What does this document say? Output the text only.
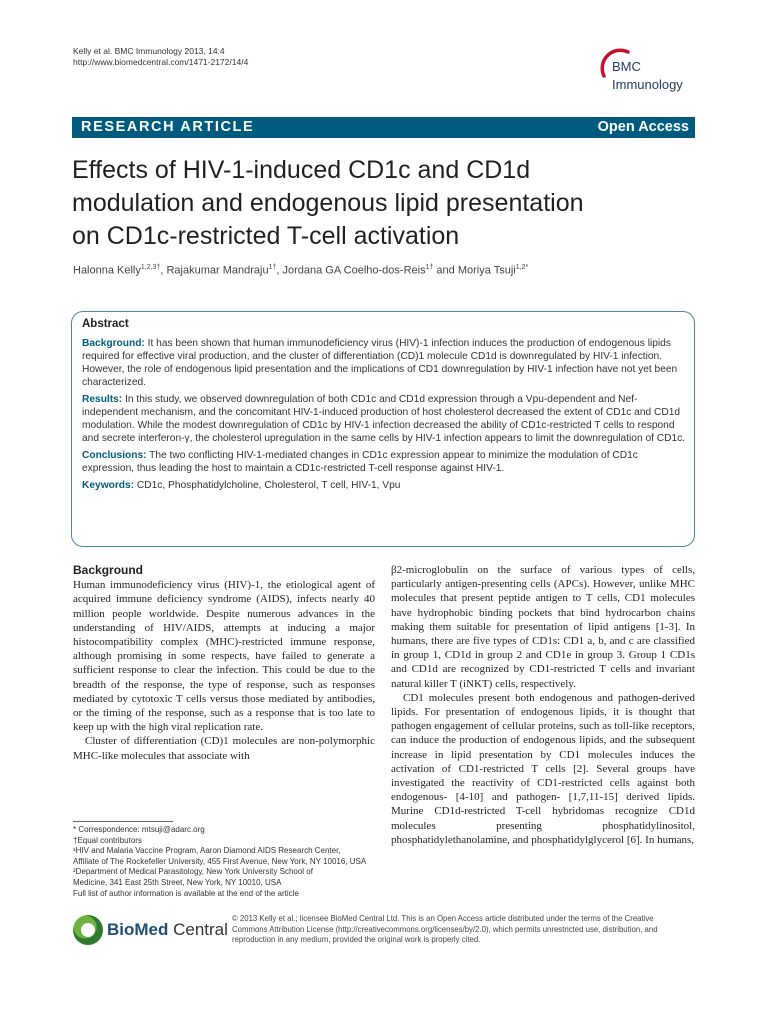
Kelly et al. BMC Immunology 2013, 14:4
http://www.biomedcentral.com/1471-2172/14/4	BMC
Immunology
RESEARCH ARTICLE	Open Access
Effects of HIV-1-induced CD1c and CD1d
modulation and endogenous lipid presentation
on CD1c-restricted T-cell activation
Halonna Kelly$^{1,2,3\dagger}$, Rajakumar Mandraju$^{1\dagger}$, Jordana GA Coelho-dos-Reis$^{1\dagger}$ and Moriya Tsuji$^{1,2*}$
Abstract

Background: It has been shown that human immunodeficiency virus (HIV)-1 infection induces the production of endogenous lipids required for effective viral production, and the cluster of differentiation (CD)1 molecule CD1d is downregulated by HIV-1 infection. However, the role of endogenous lipid presentation and the implications of CD1 downregulation by HIV-1 infection have not yet been characterized.

Results: In this study, we observed downregulation of both CD1c and CD1d expression through a Vpu-dependent and Nef-independent mechanism, and the concomitant HIV-1-induced production of host cholesterol decreased the extent of CD1c and CD1d modulation. While the modest downregulation of CD1c by HIV-1 infection decreased the ability of CD1c-restricted T cells to respond and secrete interferon-γ, the cholesterol upregulation in the same cells by HIV-1 infection appears to limit the downregulation of CD1c.

Conclusions: The two conflicting HIV-1-mediated changes in CD1c expression appear to minimize the modulation of CD1c expression, thus leading the host to maintain a CD1c-restricted T-cell response against HIV-1.

Keywords: CD1c, Phosphatidylcholine, Cholesterol, T cell, HIV-1, Vpu

Background

Human immunodeficiency virus (HIV)-1, the etiological agent of acquired immune deficiency syndrome (AIDS), infects nearly 40 million people worldwide. Despite numerous advances in the understanding of HIV/AIDS, attempts at inducing a major histocompatibility complex (MHC)-restricted immune response, although promising in some respects, have failed to generate a sufficient response to clear the infection. This could be due to the breadth of the response, the type of response, such as responses mediated by cytotoxic T cells versus those mediated by antibodies, or the timing of the response, such as a response that is too late to keep up with the high viral replication rate.

Cluster of differentiation (CD)1 molecules are non-polymorphic MHC-like molecules that associate with

β2-microglobulin on the surface of various types of cells, particularly antigen-presenting cells (APCs). However, unlike MHC molecules that present peptide antigen to T cells, CD1 molecules have hydrophobic binding pockets that bind hydrocarbon chains making them suitable for presentation of lipid antigens [1-3]. In humans, there are five types of CD1s: CD1 a, b, and c are classified in group 1, CD1d in group 2 and CD1e in group 3. Group 1 CD1s and CD1d are recognized by CD1-restricted T cells and invariant natural killer T (iNKT) cells, respectively.

CD1 molecules present both endogenous and pathogen-derived lipids. For presentation of endogenous lipids, it is thought that pathogen engagement of cellular proteins, such as toll-like receptors, can induce the production of endogenous lipids, and the subsequent increase in lipid presentation by CD1 molecules induces the activation of CD1-restricted T cells [2]. Several groups have investigated the reactivity of CD1-restricted cells against both endogenous- [4-10] and pathogen- [1,7,11-15] derived lipids. Murine CD1d-restricted T-cell hybridomas recognize CD1d molecules presenting phosphatidylinositol, phosphatidylethanolamine, and phosphatidylglycerol [6]. In humans,

* Correspondence: mtsuji@adarc.org
†Equal contributors
¹HIV and Malaria Vaccine Program, Aaron Diamond AIDS Research Center,
Affiliate of The Rockefeller University, 455 First Avenue, New York, NY 10016, USA
²Department of Medical Parasitology, New York University School of
Medicine, 341 East 25th Street, New York, NY 10010, USA
Full list of author information is available at the end of the article
BioMed Central
© 2013 Kelly et al.; licensee BioMed Central Ltd. This is an Open Access article distributed under the terms of the Creative
Commons Attribution License (http://creativecommons.org/licenses/by/2.0), which permits unrestricted use, distribution, and
reproduction in any medium, provided the original work is properly cited.
